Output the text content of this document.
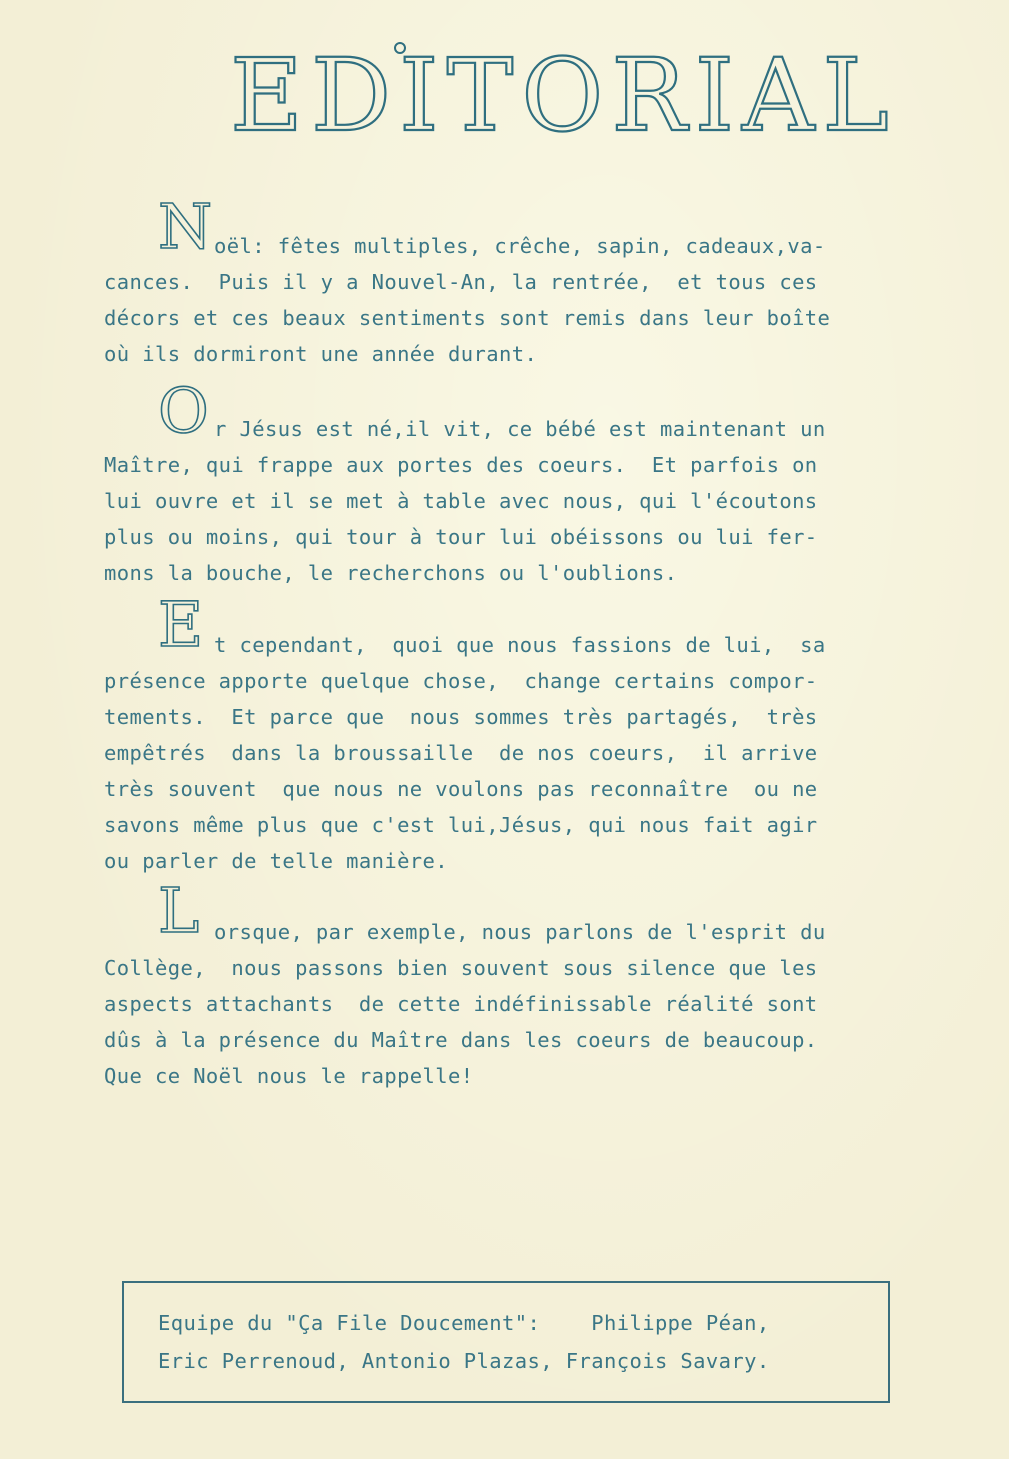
EDITORIAL
N oël: fêtes multiples, crêche, sapin, cadeaux,va-
cances.  Puis il y a Nouvel-An, la rentrée,  et tous ces
décors et ces beaux sentiments sont remis dans leur boîte
où ils dormiront une année durant.
O r Jésus est né,il vit, ce bébé est maintenant un
Maître, qui frappe aux portes des coeurs.  Et parfois on
lui ouvre et il se met à table avec nous, qui l'écoutons
plus ou moins, qui tour à tour lui obéissons ou lui fer-
mons la bouche, le recherchons ou l'oublions.
E t cependant,  quoi que nous fassions de lui,  sa
présence apporte quelque chose,  change certains compor-
tements.  Et parce que  nous sommes très partagés,  très
empêtrés  dans la broussaille  de nos coeurs,  il arrive
très souvent  que nous ne voulons pas reconnaître  ou ne
savons même plus que c'est lui,Jésus, qui nous fait agir
ou parler de telle manière.
L orsque, par exemple, nous parlons de l'esprit du
Collège,  nous passons bien souvent sous silence que les
aspects attachants  de cette indéfinissable réalité sont
dûs à la présence du Maître dans les coeurs de beaucoup.
Que ce Noël nous le rappelle!
Equipe du "Ça File Doucement":    Philippe Péan,
Eric Perrenoud, Antonio Plazas, François Savary.
